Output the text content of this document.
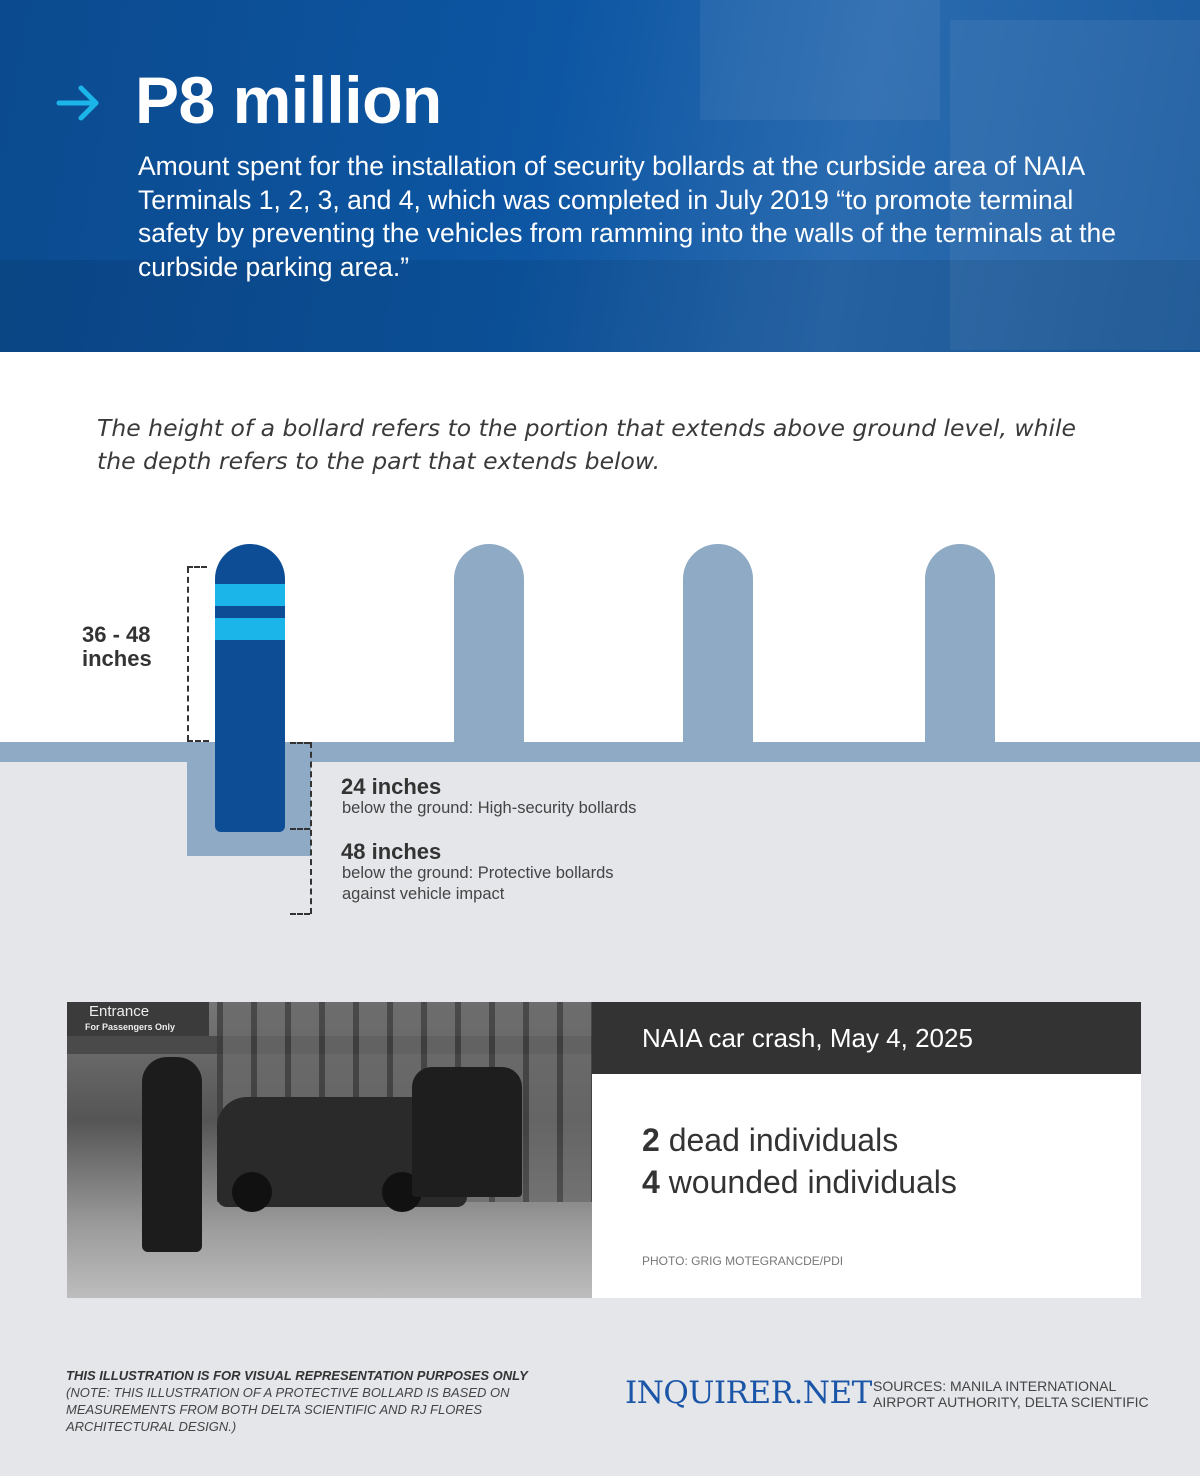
P8 million

Amount spent for the installation of security bollards at the curbside area of NAIA Terminals 1, 2, 3, and 4, which was completed in July 2019 “to promote terminal safety by preventing the vehicles from ramming into the walls of the terminals at the curbside parking area.”

The height of a bollard refers to the portion that extends above ground level, while the depth refers to the part that extends below.

36 - 48
inches

24 inches

below the ground: High-security bollards

48 inches

below the ground: Protective bollards
against vehicle impact

Entrance
For Passengers Only	NAIA car crash, May 4, 2025

2 dead individuals

4 wounded individuals

PHOTO: GRIG MOTEGRANCDE/PDI

THIS ILLUSTRATION IS FOR VISUAL REPRESENTATION PURPOSES ONLY
(NOTE: THIS ILLUSTRATION OF A PROTECTIVE BOLLARD IS BASED ON MEASUREMENTS FROM BOTH DELTA SCIENTIFIC AND RJ FLORES ARCHITECTURAL DESIGN.)

INQUIRER.NET SOURCES: MANILA INTERNATIONAL AIRPORT AUTHORITY, DELTA SCIENTIFIC
